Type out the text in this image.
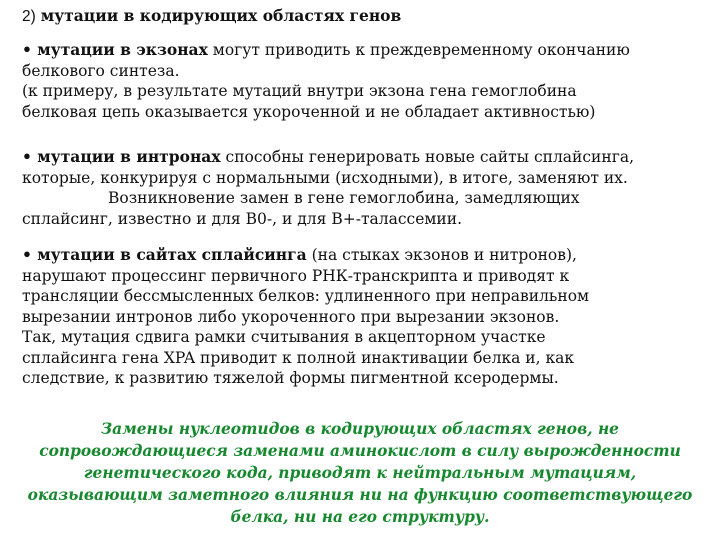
2) мутации в кодирующих областях генов
• мутации в экзонах могут приводить к преждевременному окончанию
белкового синтеза.
(к примеру, в результате мутаций внутри экзона гена гемоглобина
белковая цепь оказывается укороченной и не обладает активностью)
• мутации в интронах способны генерировать новые сайты сплайсинга,
которые, конкурируя с нормальными (исходными), в итоге, заменяют их.
Возникновение замен в гене гемоглобина, замедляющих
сплайсинг, известно и для В0-, и для В+-талассемии.
• мутации в сайтах сплайсинга (на стыках экзонов и нитронов),
нарушают процессинг первичного РНК-транскрипта и приводят к
трансляции бессмысленных белков: удлиненного при неправильном
вырезании интронов либо укороченного при вырезании экзонов.
Так, мутация сдвига рамки считывания в акцепторном участке
сплайсинга гена XPA приводит к полной инактивации белка и, как
следствие, к развитию тяжелой формы пигментной ксеродермы.
Замены нуклеотидов в кодирующих областях генов, не
сопровождающиеся заменами аминокислот в силу вырожденности
генетического кода, приводят к нейтральным мутациям,
оказывающим заметного влияния ни на функцию соответствующего
белка, ни на его структуру.
